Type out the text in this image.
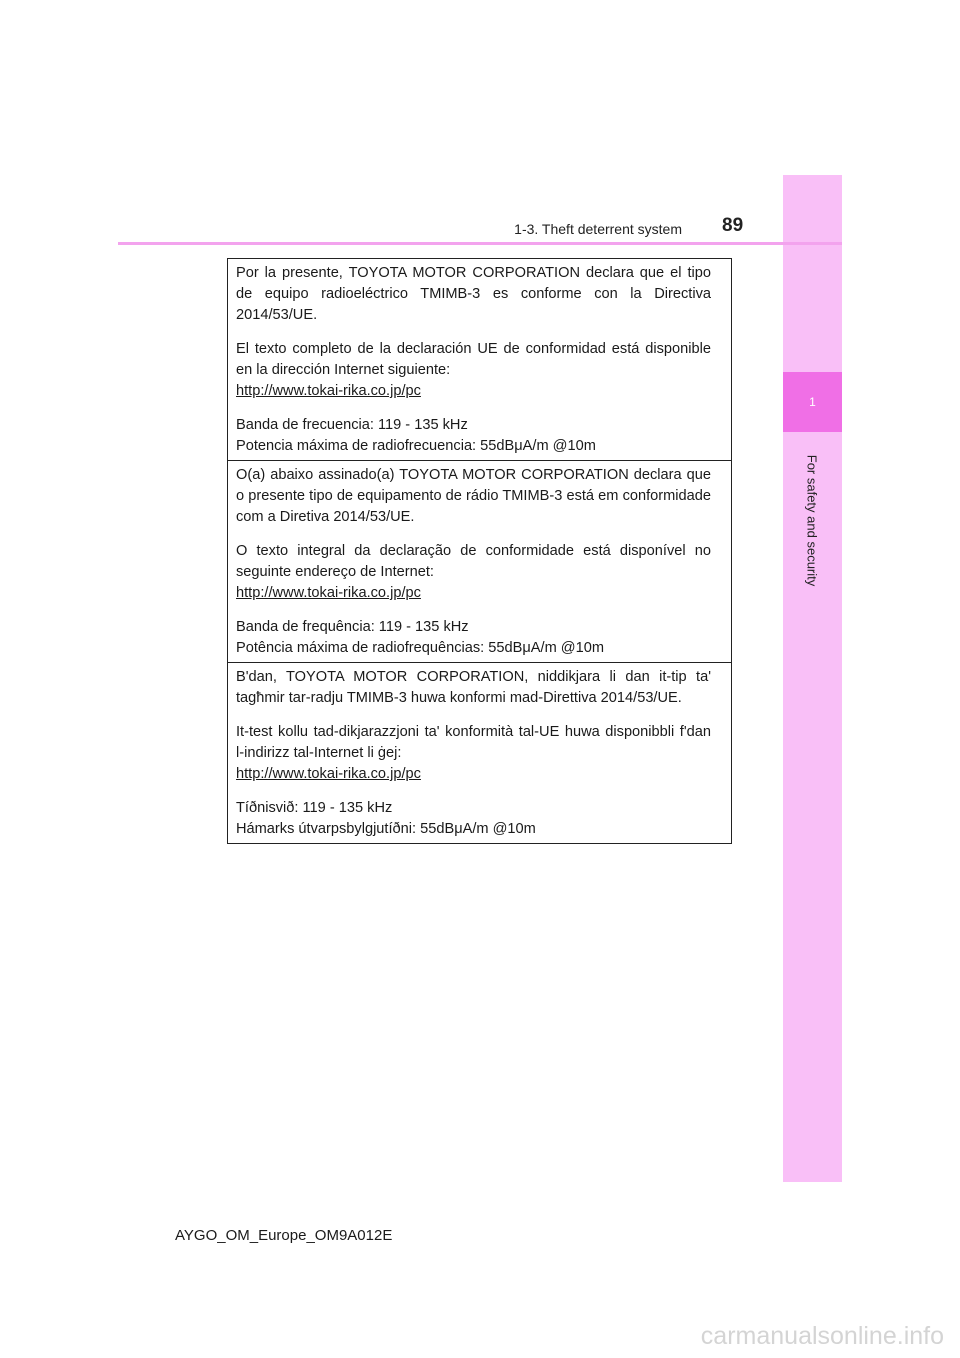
1
For safety and security
1-3. Theft deterrent system 89

Por la presente, TOYOTA MOTOR CORPORATION declara que el tipo de equipo radioeléctrico TMIMB-3 es conforme con la Directiva 2014/53/UE.

El texto completo de la declaración UE de conformidad está disponible en la dirección Internet siguiente:

http://www.tokai-rika.co.jp/pc

Banda de frecuencia: 119 - 135 kHz

Potencia máxima de radiofrecuencia: 55dBμA/m @10m

O(a) abaixo assinado(a) TOYOTA MOTOR CORPORATION declara que o presente tipo de equipamento de rádio TMIMB-3 está em conformidade com a Diretiva 2014/53/UE.

O texto integral da declaração de conformidade está disponível no seguinte endereço de Internet:

http://www.tokai-rika.co.jp/pc

Banda de frequência: 119 - 135 kHz

Potência máxima de radiofrequências: 55dBμA/m @10m

B'dan, TOYOTA MOTOR CORPORATION, niddikjara li dan it-tip ta' tagħmir tar-radju TMIMB-3 huwa konformi mad-Direttiva 2014/53/UE.

It-test kollu tad-dikjarazzjoni ta' konformità tal-UE huwa disponibbli f'dan l-indirizz tal-Internet li ġej:

http://www.tokai-rika.co.jp/pc

Tíðnisvið: 119 - 135 kHz

Hámarks útvarpsbylgjutíðni: 55dBμA/m @10m

AYGO_OM_Europe_OM9A012E
carmanualsonline.info
